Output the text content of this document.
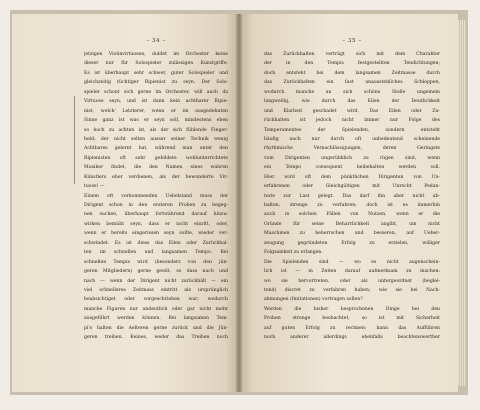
– 34 –
jetzigen Violinvirtuosen, duldet im Orchester keine
dieser nur für Solospieler zulässigen Kunstgriffe.
Es ist überhaupt sehr schwer, guter Solospieler und
gleichzeitig tüchtiger Ripienist zu seyn. Der Solo-
spieler schont sich gerne im Orchester, will auch da
Virtuose seyn, und ist dann kein achtbarer Ripie-
nist, welch' Letzterer, wenn er im ausgedehnten
Sinne ganz ist was er seyn soll, mindestens eben
so hoch zu achten ist, als der sich fühlende Finger-
held; der nicht selten ausser seiner Technik wenig
Achtbares gelernt hat, während man unter den
Ripienisten oft sehr gebildete wohlunterrichtete
Musiker findet, die den Namen eines wahren
Künstlers eher verdienen, als der bewunderte Vir-
tuose! —
Einem oft vorkommenden Uebelstand muss der
Dirigent schon in den ersteren Proben zu begeg-
nen suchen, überhaupt fortwährend darauf hinzu-
wirken bemüht seyn, dass er nicht einritt, oder,
wenn er bereits eingerissen seyn sollte, wieder ver-
schwindet. Es ist diess das Eilen oder Zurückhal-
ten im schnellen und langsamen Tempo. Bei
schnellen Tempis wird (besonders von den jün-
geren Mitgliedern) gerne geeilt, so dass nach und
nach — wenn der Dirigent nicht zurückhält — ein
viel schnelleres Zeitmass eintritt als ursprünglich
beabsichtiget oder vorgeschrieben war; wodurch
manche Figuren nur undeutlich oder gar nicht mehr
ausgeführt werden können. Bei langsamen Tem-
pi's halten die Aelteren gerne zurück und die Jün-
geren treiben. Keines, weder das Treiben noch
– 35 –
das Zurückhalten verträgt sich mit dem Charakter
der in den Tempis festgestellten Tendichtungen;
doch entsteht bei dem langsamen Zeitmasse durch
das Zurückhalten ein fast unausstehliches Schleppen,
wodurch manche an sich schöne Stelle ungemein
langweilig, wie durch das Eilen der Deutlichkeit
und Klarheit geschadet wird. Das Eilen oder Zu-
rückhalten ist jedoch nicht immer nur Folge des
Temperamentes der Spielenden, sondern entsteht
häufig auch nur durch oft unbedeutend scheinende
rhythmische Vernachlässigungen, deren Geringste
vom Dirigenten ungerübklich zu rügen sind, wenn
ein Tempo consequent beibehalten werden soll.
Hier wird oft dem pünktlichen Dirigenten von Un-
erfahrenen oder Gleichgültigen mit Unrecht Pedan-
terie zur Last gelegt. Das darf ihn aber nicht ab-
halten, strenge zu verfahren; doch ist es immerhin
auch in solchen Fällen von Nutzen, wenn er die
Gründe für seine Beharrlichkeit angibt, um nicht
Maschinen zu beherrschen und besseren, auf Ueber-
zeugung gegründeten Erfolg zu erzielen, williger
Folgsamkeit zu erlangen.
Die Spielenden sind — wo es nicht augenschein-
lich ist — in Zeiten darauf aufmerksam zu machen:
wo sie hervortreten, oder als untergeordnet (beglei-
tend) discret zu verfahren haben; wie sie bei Nach-
ahmungen (Imitationen) vortragen sollen?
Werden die bisher besprochenen Dinge bei den
Proben strenge beobachtet, so ist mit Sicherheit
auf guten Erfolg zu rechnen; kann das Aufführen
noch anderer allerdings ebenfalls beachtenswerther
